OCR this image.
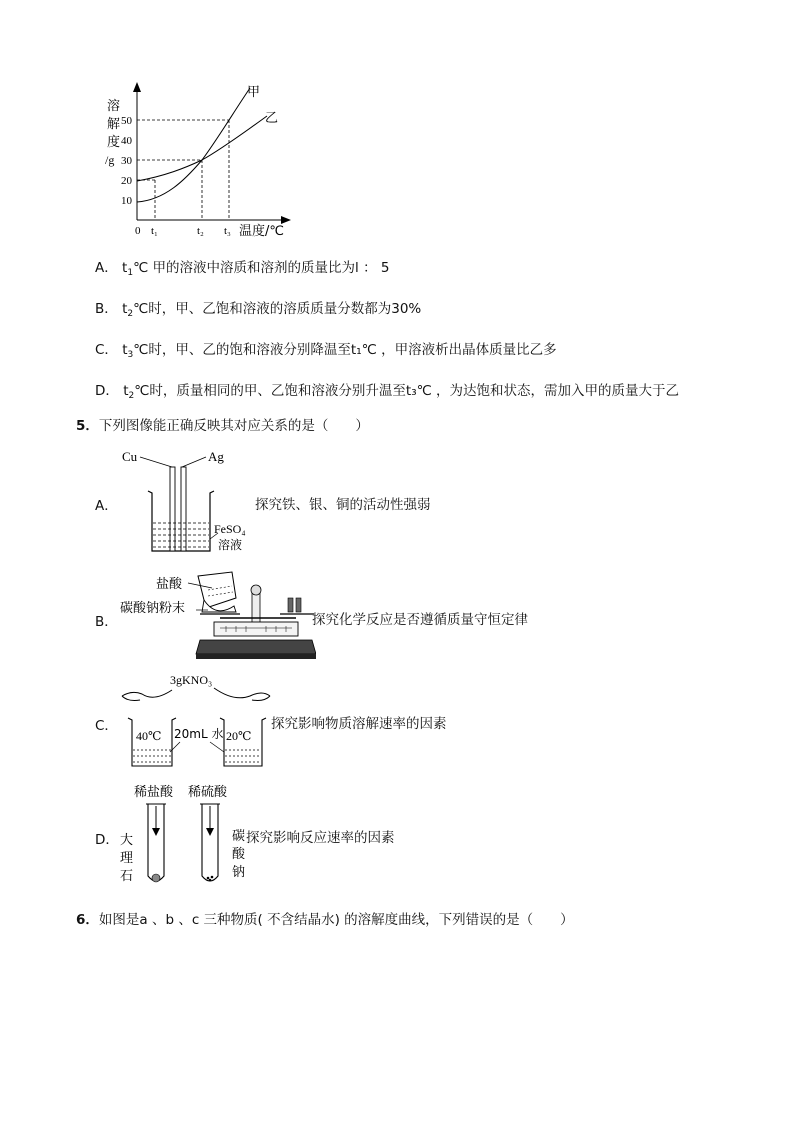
溶
解
度
/g
10
20
30
40
50
0 t₁	t₂ t₃ 温度/℃
甲
乙
A． $t_1℃$ 甲的溶液中溶质和溶剂的质量比为l ： 5
B． $t_2℃$时，甲、乙饱和溶液的溶质质量分数都为30%
C． $t_3℃$时，甲、乙的饱和溶液分别降温至t₁℃ ，甲溶液析出晶体质量比乙多
D． $t_2℃$时，质量相同的甲、乙饱和溶液分别升温至t₃℃ ，为达饱和状态，需加入甲的质量大于乙
5．下列图像能正确反映其对应关系的是（　　）
A．
Cu	Ag
FeSO₄
溶液
探究铁、银、铜的活动性强弱
B．
盐酸
碳酸钠粉末
探究化学反应是否遵循质量守恒定律
C．
3gKNO₃
40℃	20℃
20mL 水
探究影响物质溶解速率的因素
D．
稀盐酸 稀硫酸
大
理
石
碳
酸
钠
探究影响反应速率的因素
6．如图是a 、b 、c 三种物质( 不含结晶水) 的溶解度曲线，下列错误的是（　　）
